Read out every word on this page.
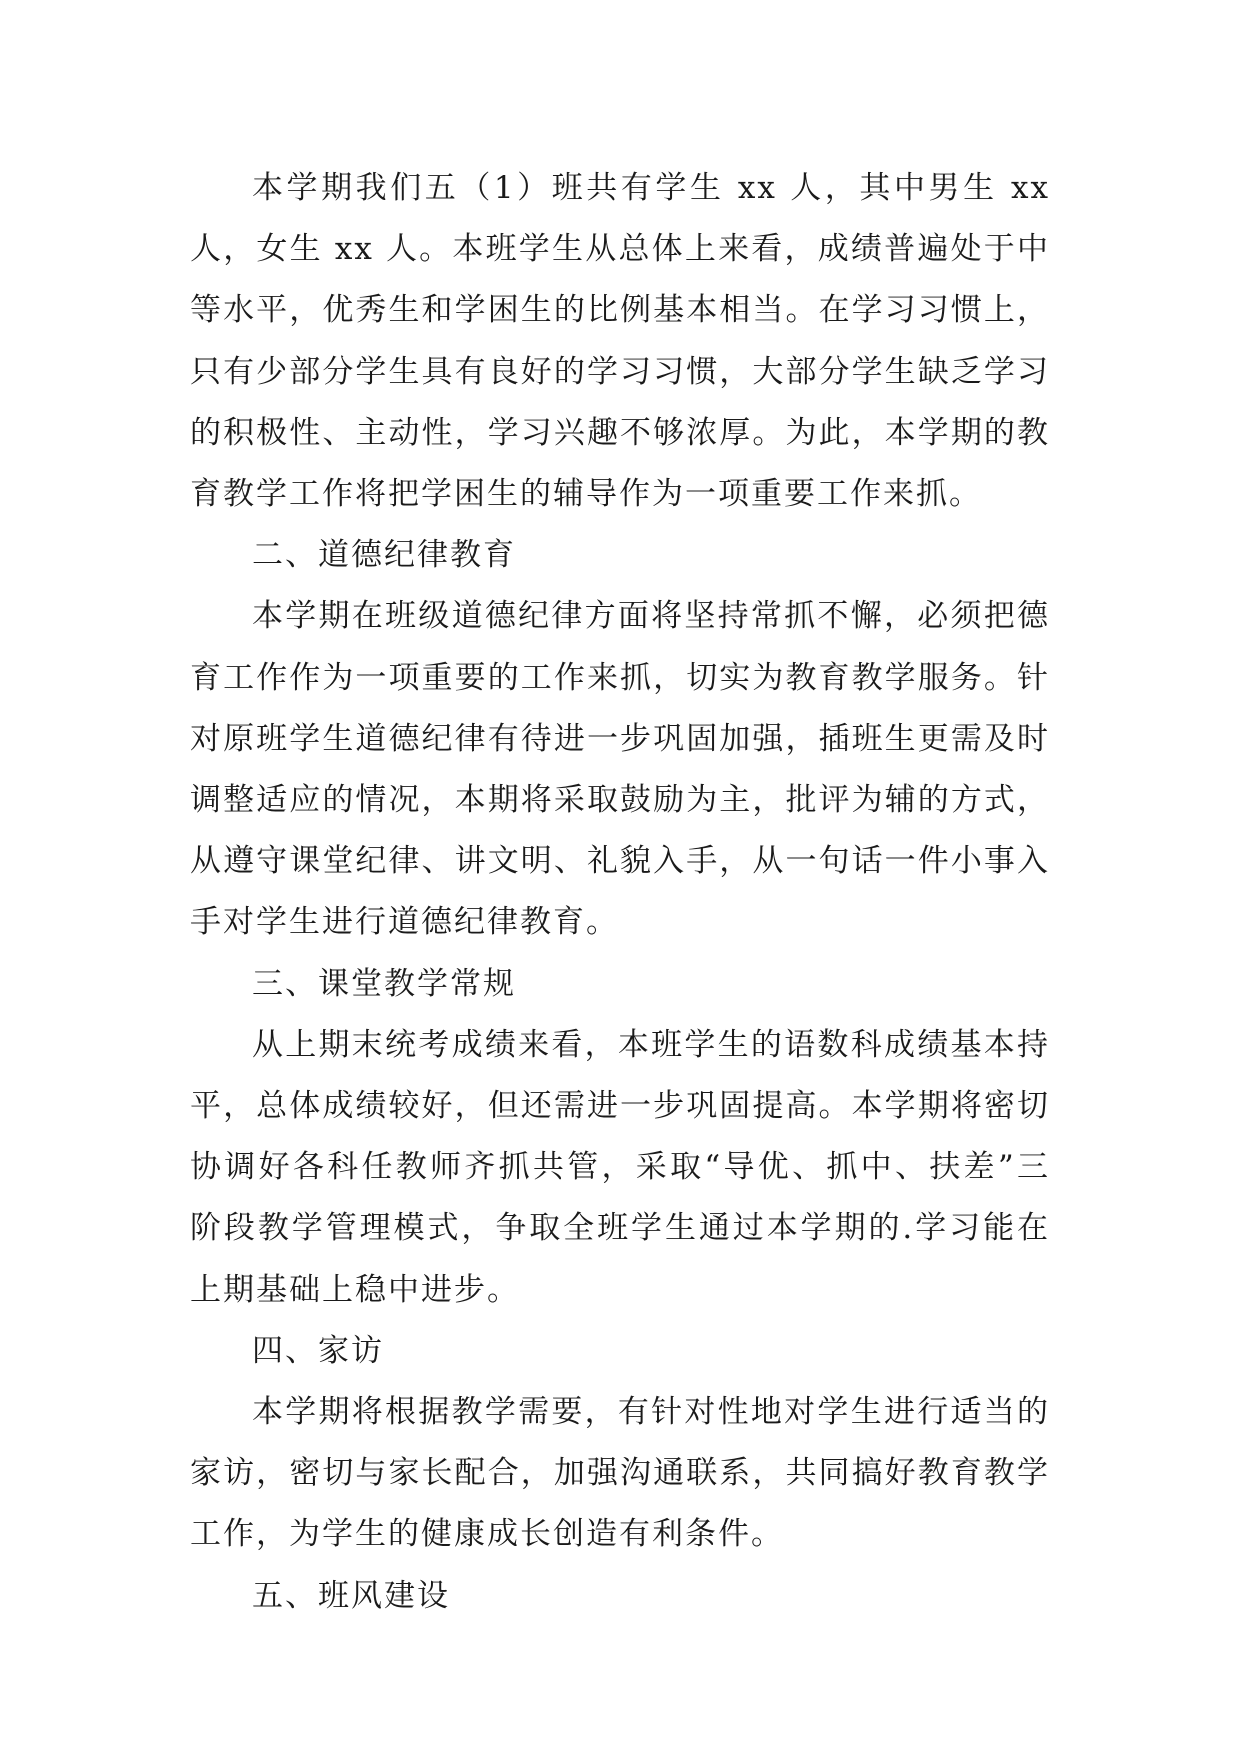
本学期我们五（1）班共有学生 xx 人，其中男生 xx 人，女生 xx 人。本班学生从总体上来看，成绩普遍处于中等水平，优秀生和学困生的比例基本相当。在学习习惯上，只有少部分学生具有良好的学习习惯，大部分学生缺乏学习的积极性、主动性，学习兴趣不够浓厚。为此，本学期的教育教学工作将把学困生的辅导作为一项重要工作来抓。

二、道德纪律教育

本学期在班级道德纪律方面将坚持常抓不懈，必须把德育工作作为一项重要的工作来抓，切实为教育教学服务。针对原班学生道德纪律有待进一步巩固加强，插班生更需及时调整适应的情况，本期将采取鼓励为主，批评为辅的方式，从遵守课堂纪律、讲文明、礼貌入手，从一句话一件小事入手对学生进行道德纪律教育。

三、课堂教学常规

从上期末统考成绩来看，本班学生的语数科成绩基本持平，总体成绩较好，但还需进一步巩固提高。本学期将密切协调好各科任教师齐抓共管，采取“导优、抓中、扶差”三阶段教学管理模式，争取全班学生通过本学期的.学习能在上期基础上稳中进步。

四、家访

本学期将根据教学需要，有针对性地对学生进行适当的家访，密切与家长配合，加强沟通联系，共同搞好教育教学工作，为学生的健康成长创造有利条件。

五、班风建设
